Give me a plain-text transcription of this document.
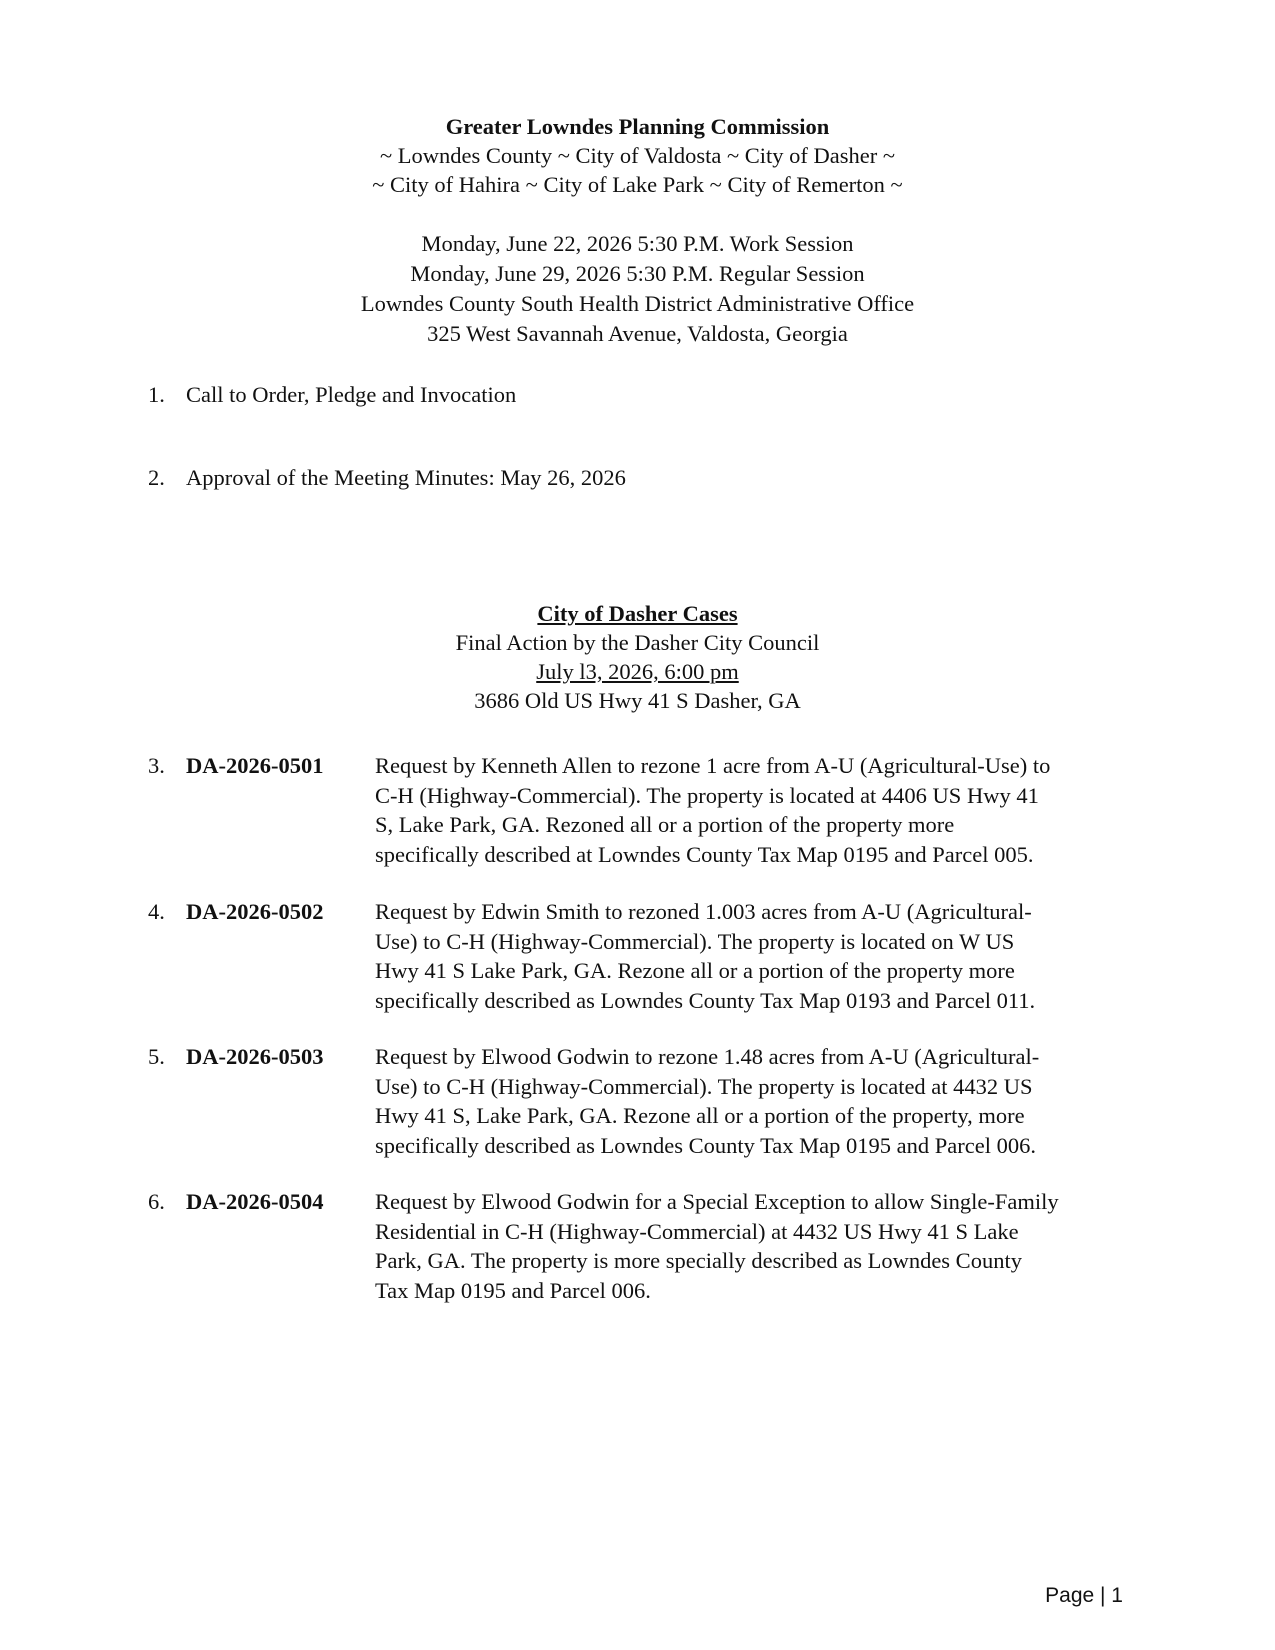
Greater Lowndes Planning Commission
~ Lowndes County ~ City of Valdosta ~ City of Dasher ~
~ City of Hahira ~ City of Lake Park ~ City of Remerton ~
Monday, June 22, 2026 5:30 P.M. Work Session
Monday, June 29, 2026 5:30 P.M. Regular Session
Lowndes County South Health District Administrative Office
325 West Savannah Avenue, Valdosta, Georgia
1. Call to Order, Pledge and Invocation
2. Approval of the Meeting Minutes: May 26, 2026
City of Dasher Cases
Final Action by the Dasher City Council
July l3, 2026, 6:00 pm
3686 Old US Hwy 41 S Dasher, GA
3. DA-2026-0501 Request by Kenneth Allen to rezone 1 acre from A-U (Agricultural-Use) to
C-H (Highway-Commercial). The property is located at 4406 US Hwy 41
S, Lake Park, GA. Rezoned all or a portion of the property more
specifically described at Lowndes County Tax Map 0195 and Parcel 005.
4. DA-2026-0502 Request by Edwin Smith to rezoned 1.003 acres from A-U (Agricultural-
Use) to C-H (Highway-Commercial). The property is located on W US
Hwy 41 S Lake Park, GA. Rezone all or a portion of the property more
specifically described as Lowndes County Tax Map 0193 and Parcel 011.
5. DA-2026-0503 Request by Elwood Godwin to rezone 1.48 acres from A-U (Agricultural-
Use) to C-H (Highway-Commercial). The property is located at 4432 US
Hwy 41 S, Lake Park, GA. Rezone all or a portion of the property, more
specifically described as Lowndes County Tax Map 0195 and Parcel 006.
6. DA-2026-0504 Request by Elwood Godwin for a Special Exception to allow Single-Family
Residential in C-H (Highway-Commercial) at 4432 US Hwy 41 S Lake
Park, GA. The property is more specially described as Lowndes County
Tax Map 0195 and Parcel 006.
Page | 1
